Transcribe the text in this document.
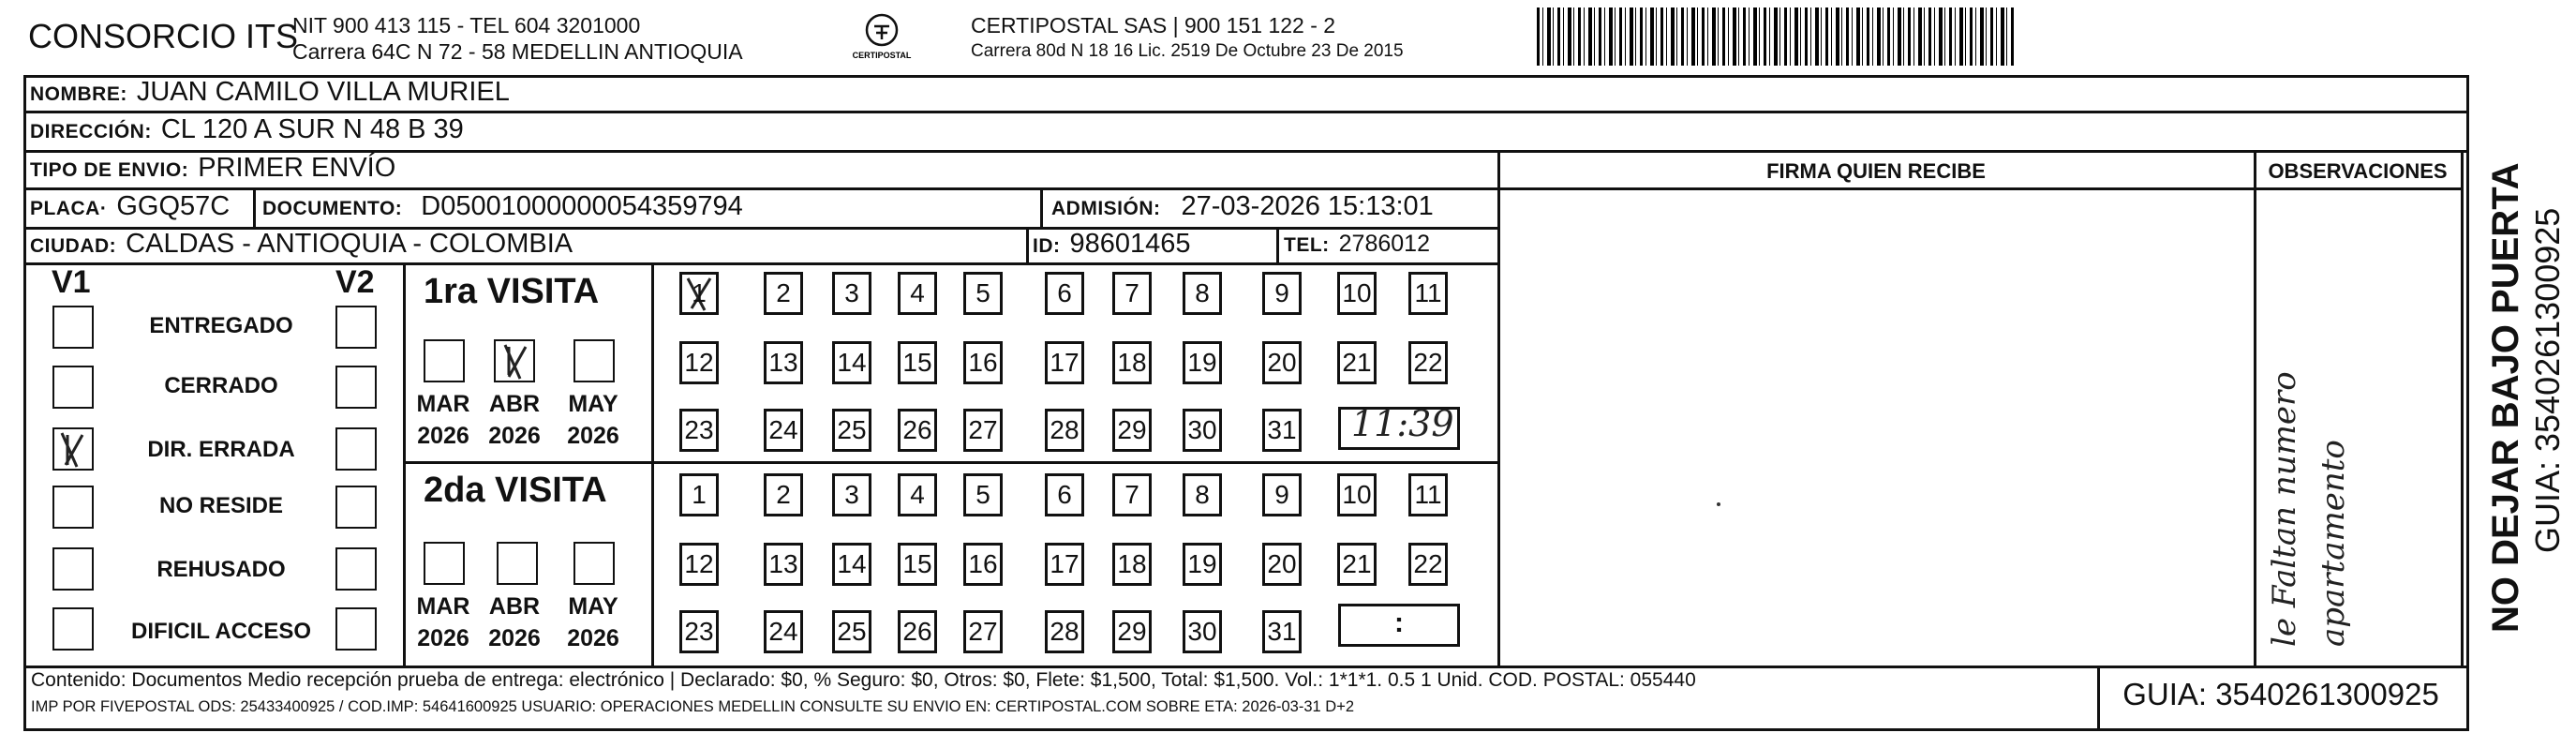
CONSORCIO ITS
NIT 900 413 115 - TEL 604 3201000
Carrera 64C N 72 - 58 MEDELLIN ANTIOQUIA	CERTIPOSTAL
CERTIPOSTAL SAS | 900 151 122 - 2
Carrera 80d N 18 16 Lic. 2519 De Octubre 23 De 2015
NOMBRE: JUAN CAMILO VILLA MURIEL
DIRECCIÓN: CL 120 A SUR N 48 B 39
TIPO DE ENVIO: PRIMER ENVÍO	FIRMA QUIEN RECIBE	OBSERVACIONES
PLACA· GGQ57C DOCUMENTO: D05001000000054359794	ADMISIÓN: 27-03-2026 15:13:01
CIUDAD: CALDAS - ANTIOQUIA - COLOMBIA	ID: 98601465	TEL: 2786012
V1	V2
ENTREGADO
CERRADO
DIR. ERRADA
NO RESIDE
REHUSADO
DIFICIL ACCESO
1ra VISITA
MAR
2026
ABR
2026
MAY
2026
1	2	3	4	5	6	7	8	9	10 11
12 13 14 15 16 17 18 19 20 21 22
23 24 25 26 27 28 29 30 31 11:39
2da VISITA
MAR
2026
ABR
2026
MAY
2026
1	2	3	4	5	6	7	8	9	10 11
12 13 14 15 16 17 18 19 20 21 22
23 24 25 26 27 28 29 30 31	:	le Faltan numero apartamento
Contenido: Documentos Medio recepción prueba de entrega: electrónico | Declarado: $0, % Seguro: $0, Otros: $0, Flete: $1,500, Total: $1,500. Vol.: 1*1*1. 0.5 1 Unid. COD. POSTAL: 055440
IMP POR FIVEPOSTAL ODS: 25433400925 / COD.IMP: 54641600925 USUARIO: OPERACIONES MEDELLIN CONSULTE SU ENVIO EN: CERTIPOSTAL.COM SOBRE ETA: 2026-03-31 D+2	GUIA: 3540261300925
NO DEJAR BAJO PUERTA GUIA: 3540261300925
